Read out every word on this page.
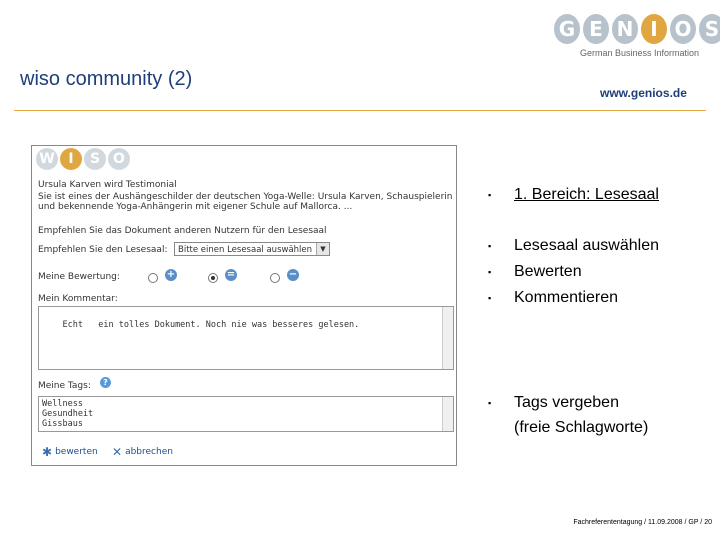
wiso community (2)
www.genios.de
G E N I O S
German Business Information
W I	S O
Ursula Karven wird Testimonial
Sie ist eines der Aushängeschilder der deutschen Yoga-Welle: Ursula Karven, Schauspielerin
und bekennende Yoga-Anhängerin mit eigener Schule auf Mallorca. ...
Empfehlen Sie das Dokument anderen Nutzern für den Lesesaal
Empfehlen Sie den Lesesaal:	Bitte einen Lesesaal auswählen	▼
Meine Bewertung:	+	=	−
Mein Kommentar:

Echt   ein tolles Dokument. Noch nie was besseres gelesen.

Meine Tags:	?
Wellness
Gesundheit
Gissbaus
✱ bewerten ✕ abbrechen
▪ 1. Bereich: Lesesaal
▪ Lesesaal auswählen
▪ Bewerten
▪ Kommentieren
▪ Tags vergeben
(freie Schlagworte)
Fachreferententagung / 11.09.2008 / GP / 20
